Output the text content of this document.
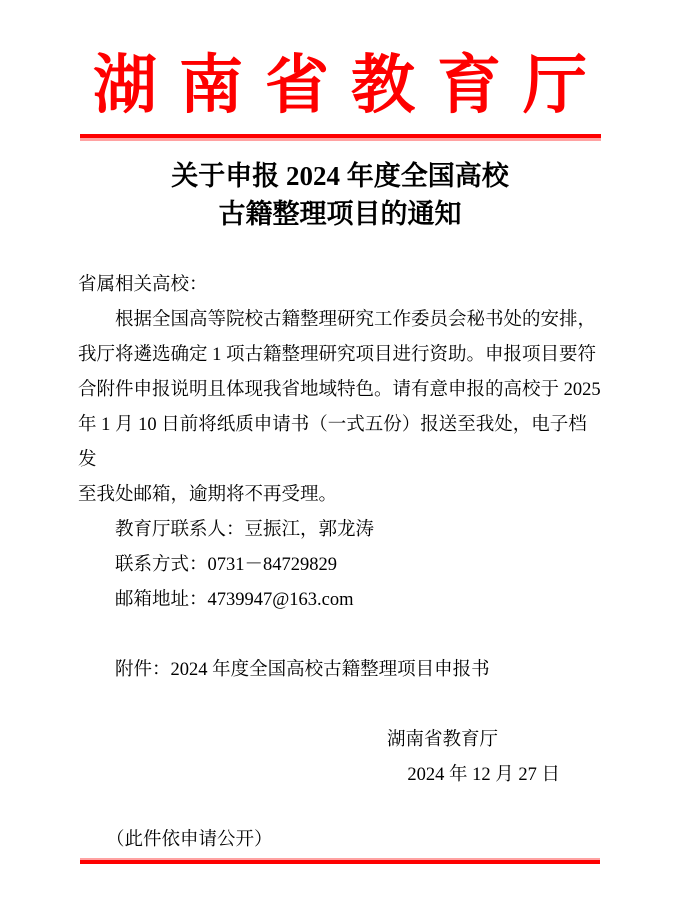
湖南省教育厅
关于申报 2024 年度全国高校
古籍整理项目的通知
省属相关高校：
根据全国高等院校古籍整理研究工作委员会秘书处的安排，
我厅将遴选确定 1 项古籍整理研究项目进行资助。申报项目要符
合附件申报说明且体现我省地域特色。请有意申报的高校于 2025
年 1 月 10 日前将纸质申请书（一式五份）报送至我处，电子档发
至我处邮箱，逾期将不再受理。
教育厅联系人：豆振江，郭龙涛
联系方式：0731－84729829
邮箱地址：4739947@163.com
附件：2024 年度全国高校古籍整理项目申报书
湖南省教育厅
2024 年 12 月 27 日
（此件依申请公开）
